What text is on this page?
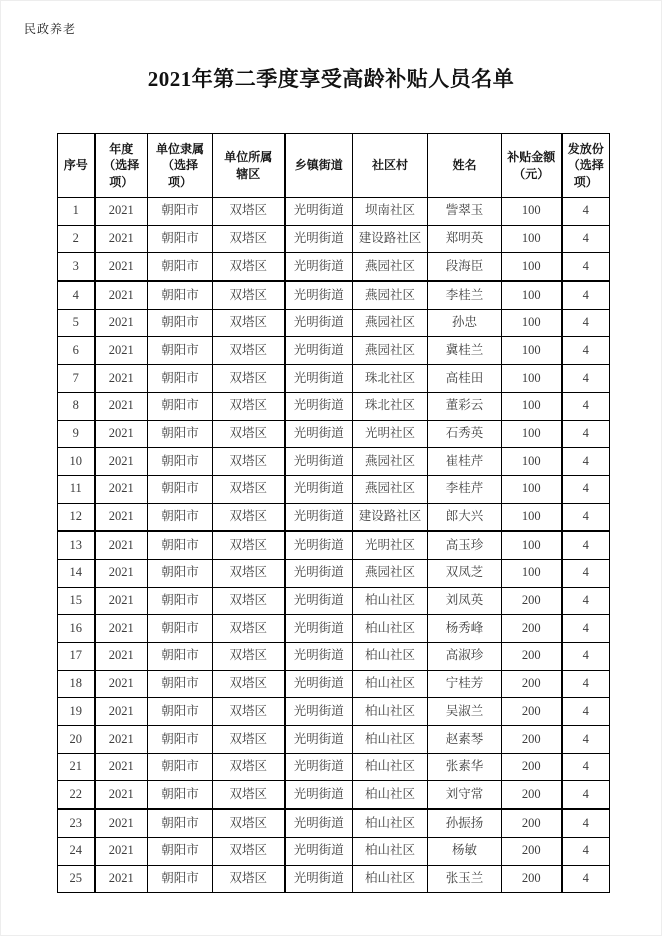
民政养老
2021年第二季度享受高龄补贴人员名单
序号	年度（选择项）	单位隶属（选择项）	单位所属辖区	乡镇街道	社区村	姓名	补贴金额（元）	发放份（选择项）
1	2021	朝阳市	双塔区	光明街道	坝南社区	訾翠玉	100	4
2	2021	朝阳市	双塔区	光明街道	建设路社区	郑明英	100	4
3	2021	朝阳市	双塔区	光明街道	燕园社区	段海臣	100	4
4	2021	朝阳市	双塔区	光明街道	燕园社区	李桂兰	100	4
5	2021	朝阳市	双塔区	光明街道	燕园社区	孙忠	100	4
6	2021	朝阳市	双塔区	光明街道	燕园社区	冀桂兰	100	4
7	2021	朝阳市	双塔区	光明街道	珠北社区	高桂田	100	4
8	2021	朝阳市	双塔区	光明街道	珠北社区	董彩云	100	4
9	2021	朝阳市	双塔区	光明街道	光明社区	石秀英	100	4
10	2021	朝阳市	双塔区	光明街道	燕园社区	崔桂芹	100	4
11	2021	朝阳市	双塔区	光明街道	燕园社区	李桂芹	100	4
12	2021	朝阳市	双塔区	光明街道	建设路社区	郎大兴	100	4
13	2021	朝阳市	双塔区	光明街道	光明社区	高玉珍	100	4
14	2021	朝阳市	双塔区	光明街道	燕园社区	双凤芝	100	4
15	2021	朝阳市	双塔区	光明街道	柏山社区	刘凤英	200	4
16	2021	朝阳市	双塔区	光明街道	柏山社区	杨秀峰	200	4
17	2021	朝阳市	双塔区	光明街道	柏山社区	高淑珍	200	4
18	2021	朝阳市	双塔区	光明街道	柏山社区	宁桂芳	200	4
19	2021	朝阳市	双塔区	光明街道	柏山社区	吴淑兰	200	4
20	2021	朝阳市	双塔区	光明街道	柏山社区	赵素琴	200	4
21	2021	朝阳市	双塔区	光明街道	柏山社区	张素华	200	4
22	2021	朝阳市	双塔区	光明街道	柏山社区	刘守常	200	4
23	2021	朝阳市	双塔区	光明街道	柏山社区	孙振扬	200	4
24	2021	朝阳市	双塔区	光明街道	柏山社区	杨敏	200	4
25	2021	朝阳市	双塔区	光明街道	柏山社区	张玉兰	200	4
